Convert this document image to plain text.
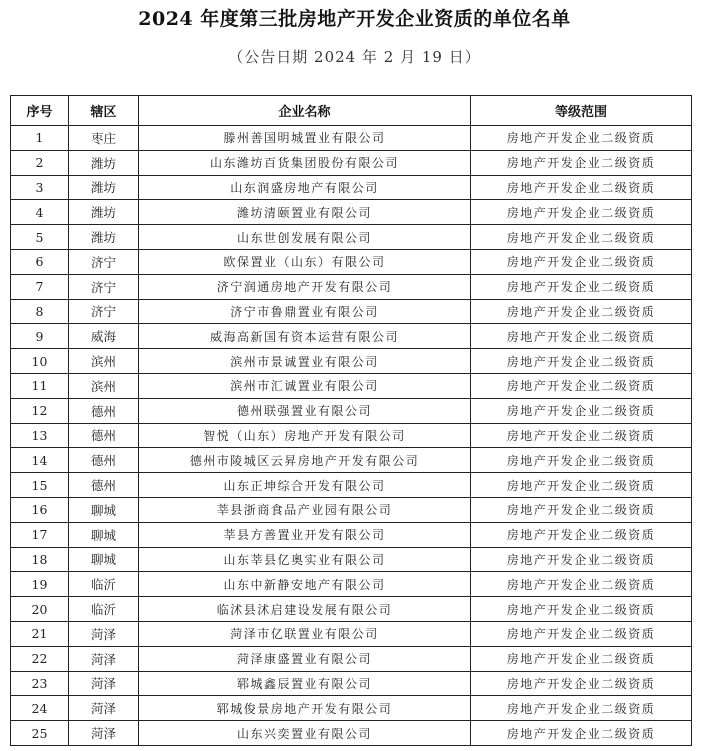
2024 年度第三批房地产开发企业资质的单位名单
（公告日期 2024 年 2 月 19 日）
序号	辖区	企业名称	等级范围
1	枣庄	滕州善国明城置业有限公司	房地产开发企业二级资质
2	潍坊	山东潍坊百货集团股份有限公司	房地产开发企业二级资质
3	潍坊	山东润盛房地产有限公司	房地产开发企业二级资质
4	潍坊	潍坊清颐置业有限公司	房地产开发企业二级资质
5	潍坊	山东世创发展有限公司	房地产开发企业二级资质
6	济宁	欧保置业（山东）有限公司	房地产开发企业二级资质
7	济宁	济宁润通房地产开发有限公司	房地产开发企业二级资质
8	济宁	济宁市鲁鼎置业有限公司	房地产开发企业二级资质
9	威海	威海高新国有资本运营有限公司	房地产开发企业二级资质
10	滨州	滨州市景诚置业有限公司	房地产开发企业二级资质
11	滨州	滨州市汇诚置业有限公司	房地产开发企业二级资质
12	德州	德州联强置业有限公司	房地产开发企业二级资质
13	德州	智悦（山东）房地产开发有限公司	房地产开发企业二级资质
14	德州	德州市陵城区云昇房地产开发有限公司	房地产开发企业二级资质
15	德州	山东正坤综合开发有限公司	房地产开发企业二级资质
16	聊城	莘县浙商食品产业园有限公司	房地产开发企业二级资质
17	聊城	莘县方善置业开发有限公司	房地产开发企业二级资质
18	聊城	山东莘县亿奥实业有限公司	房地产开发企业二级资质
19	临沂	山东中新静安地产有限公司	房地产开发企业二级资质
20	临沂	临沭县沭启建设发展有限公司	房地产开发企业二级资质
21	菏泽	菏泽市亿联置业有限公司	房地产开发企业二级资质
22	菏泽	菏泽康盛置业有限公司	房地产开发企业二级资质
23	菏泽	郓城鑫辰置业有限公司	房地产开发企业二级资质
24	菏泽	郓城俊景房地产开发有限公司	房地产开发企业二级资质
25	菏泽	山东兴奕置业有限公司	房地产开发企业二级资质
